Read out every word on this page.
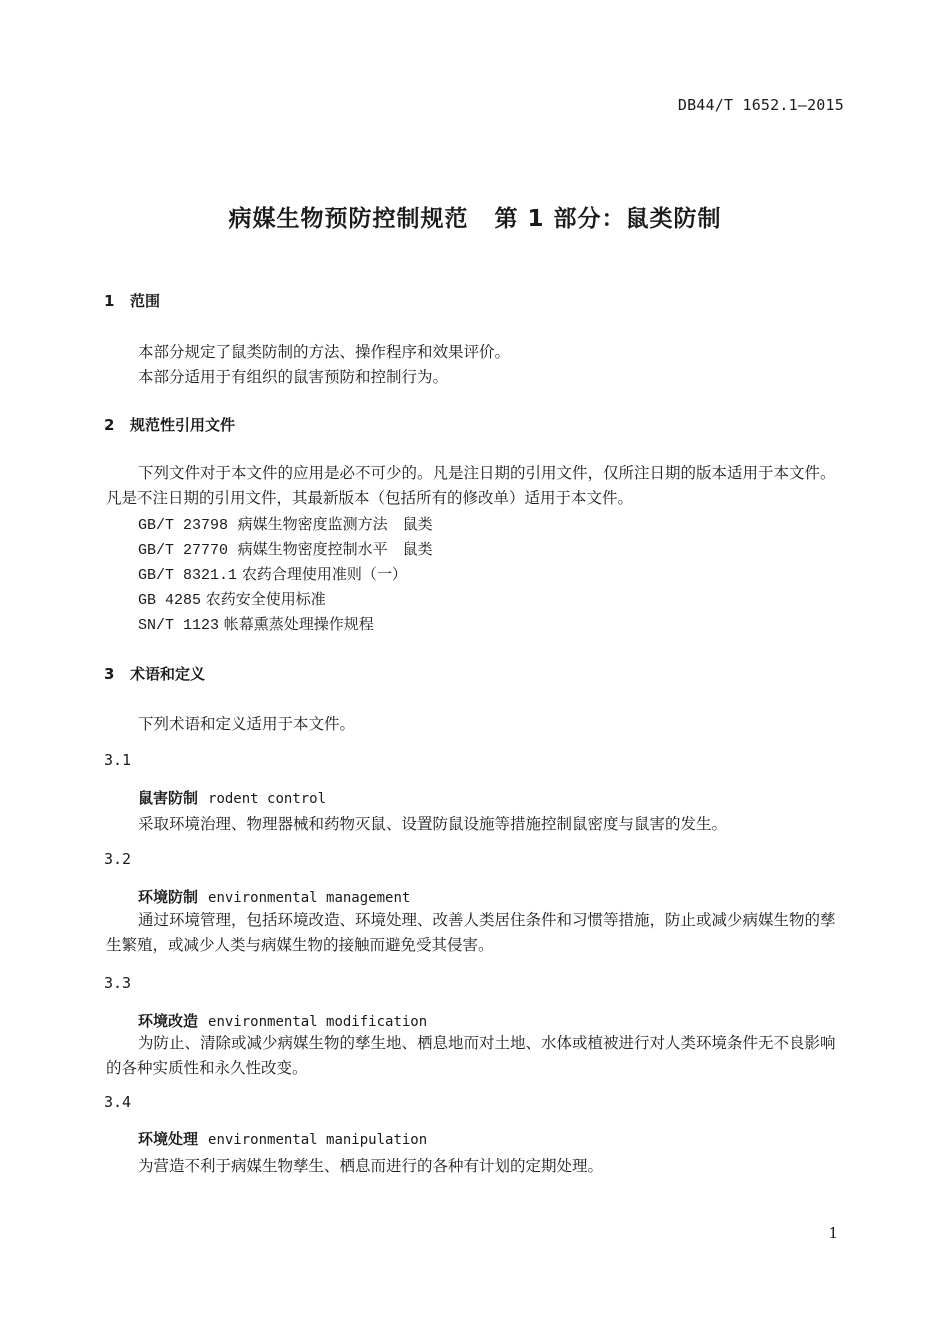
DB44/T 1652.1—2015
病媒生物预防控制规范 第 1 部分：鼠类防制
1 范围
本部分规定了鼠类防制的方法、操作程序和效果评价。
本部分适用于有组织的鼠害预防和控制行为。
2 规范性引用文件
下列文件对于本文件的应用是必不可少的。凡是注日期的引用文件，仅所注日期的版本适用于本文件。凡是不注日期的引用文件，其最新版本（包括所有的修改单）适用于本文件。
GB/T 23798 病媒生物密度监测方法　鼠类
GB/T 27770 病媒生物密度控制水平　鼠类
GB/T 8321.1 农药合理使用准则（一）
GB 4285 农药安全使用标准
SN/T 1123 帐幕熏蒸处理操作规程
3 术语和定义
下列术语和定义适用于本文件。
3.1
鼠害防制 rodent control
采取环境治理、物理器械和药物灭鼠、设置防鼠设施等措施控制鼠密度与鼠害的发生。
3.2
环境防制 environmental management
通过环境管理，包括环境改造、环境处理、改善人类居住条件和习惯等措施，防止或减少病媒生物的孳生繁殖，或减少人类与病媒生物的接触而避免受其侵害。
3.3
环境改造 environmental modification
为防止、清除或减少病媒生物的孳生地、栖息地而对土地、水体或植被进行对人类环境条件无不良影响的各种实质性和永久性改变。
3.4
环境处理 environmental manipulation
为营造不利于病媒生物孳生、栖息而进行的各种有计划的定期处理。
1
